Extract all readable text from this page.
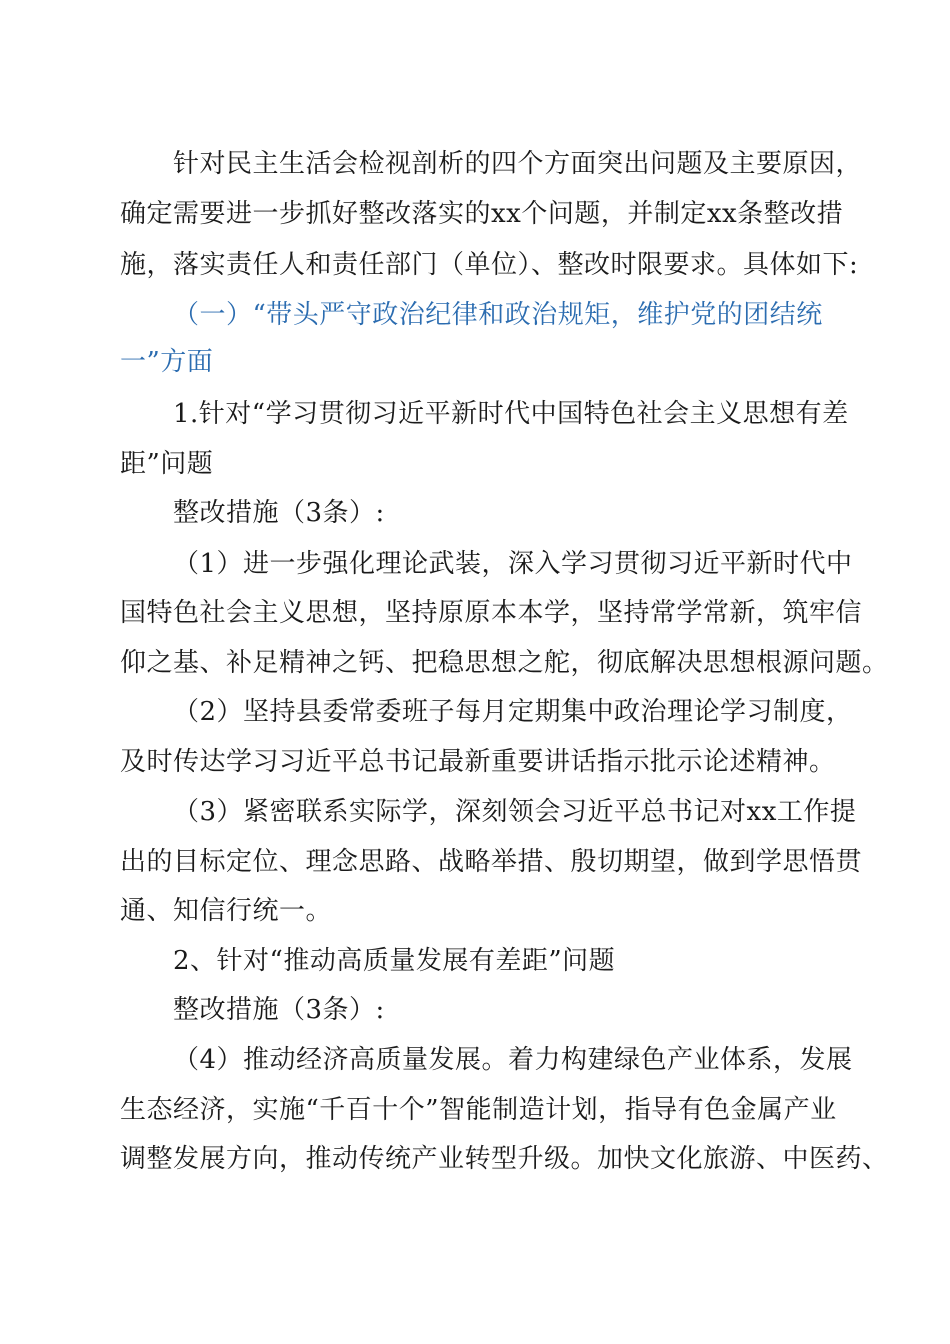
针对民主生活会检视剖析的四个方面突出问题及主要原因，
确定需要进一步抓好整改落实的xx个问题，并制定xx条整改措
施，落实责任人和责任部门（单位）、整改时限要求。具体如下:
（一）“带头严守政治纪律和政治规矩，维护党的团结统
一”方面
1.针对“学习贯彻习近平新时代中国特色社会主义思想有差
距”问题
整改措施（3条）:
（1）进一步强化理论武装，深入学习贯彻习近平新时代中
国特色社会主义思想，坚持原原本本学，坚持常学常新，筑牢信
仰之基、补足精神之钙、把稳思想之舵，彻底解决思想根源问题。
（2）坚持县委常委班子每月定期集中政治理论学习制度，
及时传达学习习近平总书记最新重要讲话指示批示论述精神。
（3）紧密联系实际学，深刻领会习近平总书记对xx工作提
出的目标定位、理念思路、战略举措、殷切期望，做到学思悟贯
通、知信行统一。
2、针对“推动高质量发展有差距”问题
整改措施（3条）:
（4）推动经济高质量发展。着力构建绿色产业体系，发展
生态经济，实施“千百十个”智能制造计划，指导有色金属产业
调整发展方向，推动传统产业转型升级。加快文化旅游、中医药、
